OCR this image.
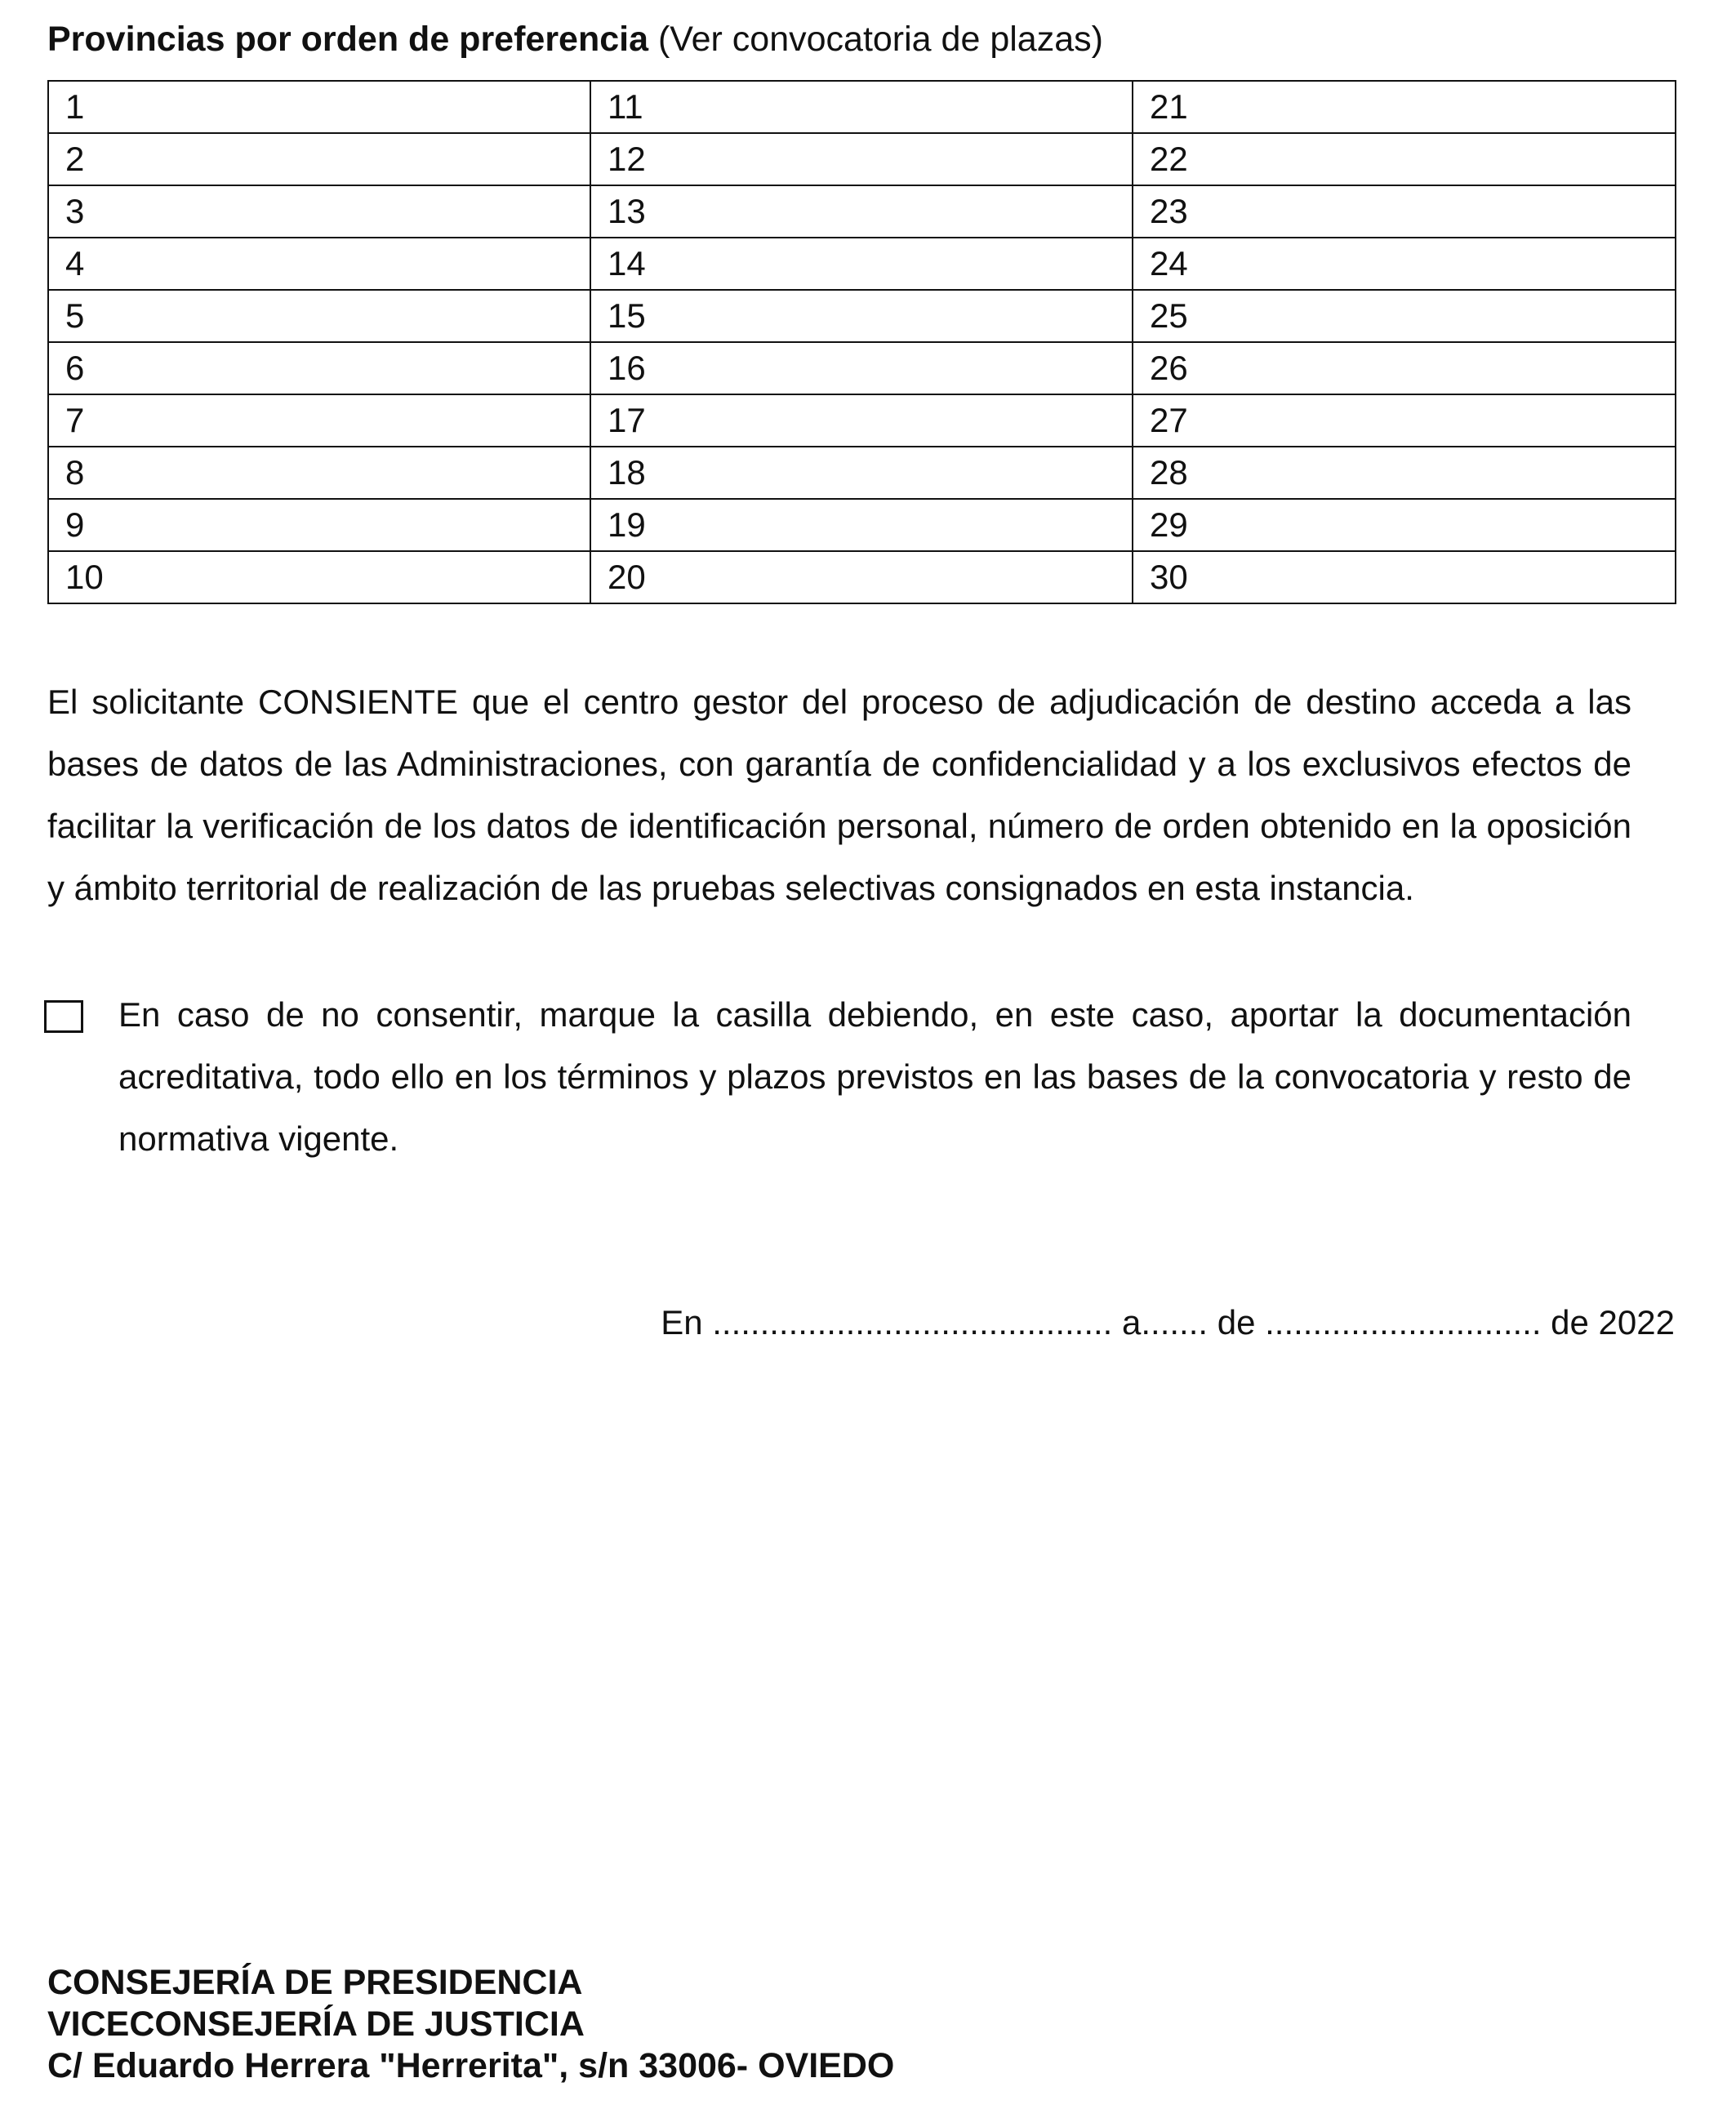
Provincias por orden de preferencia (Ver convocatoria de plazas)
1	11	21
2	12	22
3	13	23
4	14	24
5	15	25
6	16	26
7	17	27
8	18	28
9	19	29
10	20	30

El solicitante CONSIENTE que el centro gestor del proceso de adjudicación de destino acceda a las bases de datos de las Administraciones, con garantía de confidencialidad y a los exclusivos efectos de facilitar la verificación de los datos de identificación personal, número de orden obtenido en la oposición y ámbito territorial de realización de las pruebas selectivas consignados en esta instancia.

En caso de no consentir, marque la casilla debiendo, en este caso, aportar la documentación acreditativa, todo ello en los términos y plazos previstos en las bases de la convocatoria y resto de normativa vigente.

En .......................................... a....... de ............................. de 2022
CONSEJERÍA DE PRESIDENCIA
VICECONSEJERÍA DE JUSTICIA
C/ Eduardo Herrera "Herrerita", s/n 33006- OVIEDO
